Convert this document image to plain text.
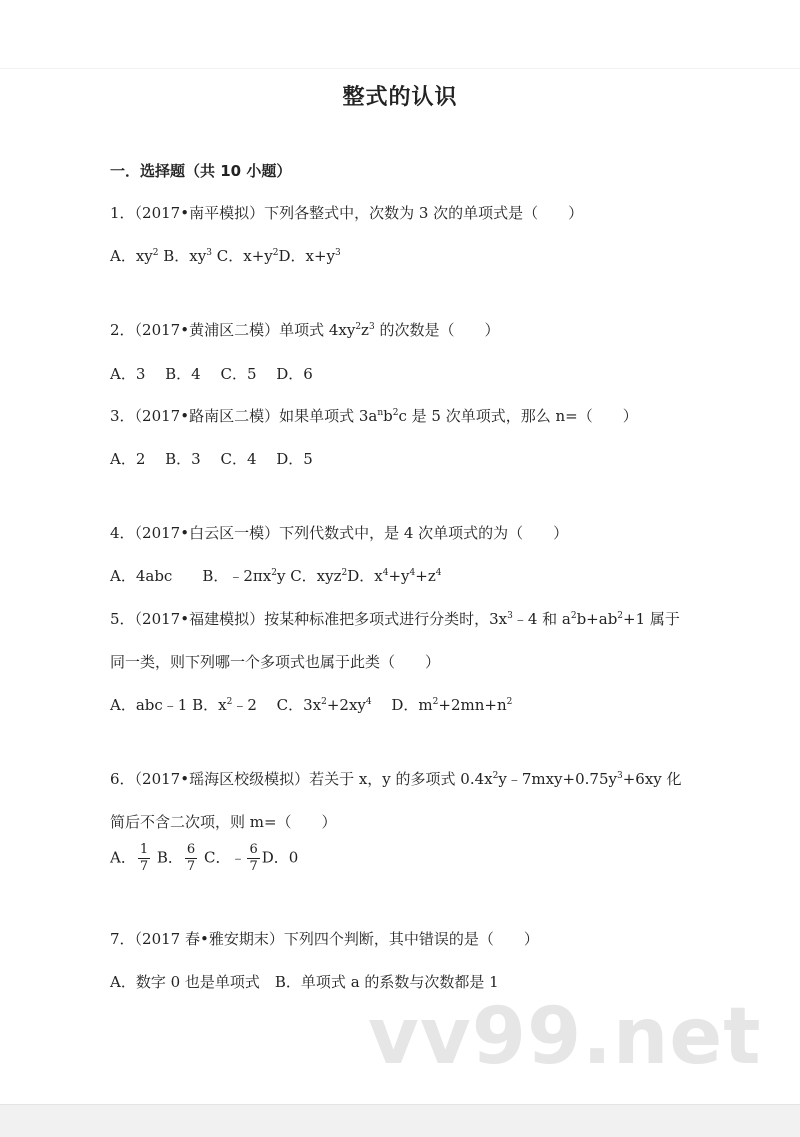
整式的认识
一．选择题（共 10 小题）
1．（2017•南平模拟）下列各整式中，次数为 3 次的单项式是（　　）
A．$xy^2$ B．$xy^3$ C．$x+y^2D$．$x+y^3$
2．（2017•黄浦区二模）单项式 $4xy^2z^3$ 的次数是（　　）
A．3　 B．4　 C．5　 D．6
3．（2017•路南区二模）如果单项式 $3a^nb^2c$ 是 5 次单项式，那么 n=（　　）
A．2　 B．3　 C．4　 D．5
4．（2017•白云区一模）下列代数式中，是 4 次单项式的为（　　）
A．4abc　　B．$﹣2\pi x^2y$ C．xyz$^2$D．$x^4+y^4+z^4$
5．（2017•福建模拟）按某种标准把多项式进行分类时，$3x^3﹣4$ 和 $a^2b+ab^2+1$ 属于
同一类，则下列哪一个多项式也属于此类（　　）
A．abc﹣1 B．$x^2﹣2$　 C．$3x^2+2xy^4$　 D．$m^2+2mn+n^2$
6．（2017•瑶海区校级模拟）若关于 x，y 的多项式 $0.4x^2y﹣7mxy+0.75y^3+6xy$ 化
简后不含二次项，则 m=（　　）
A． $\frac{1}{7}$ B． $\frac{6}{7}$ C．﹣ $\frac{6}{7}$ D．0
7．（2017 春•雅安期末）下列四个判断，其中错误的是（　　）
A．数字 0 也是单项式　B．单项式 a 的系数与次数都是 1
vv99.net
